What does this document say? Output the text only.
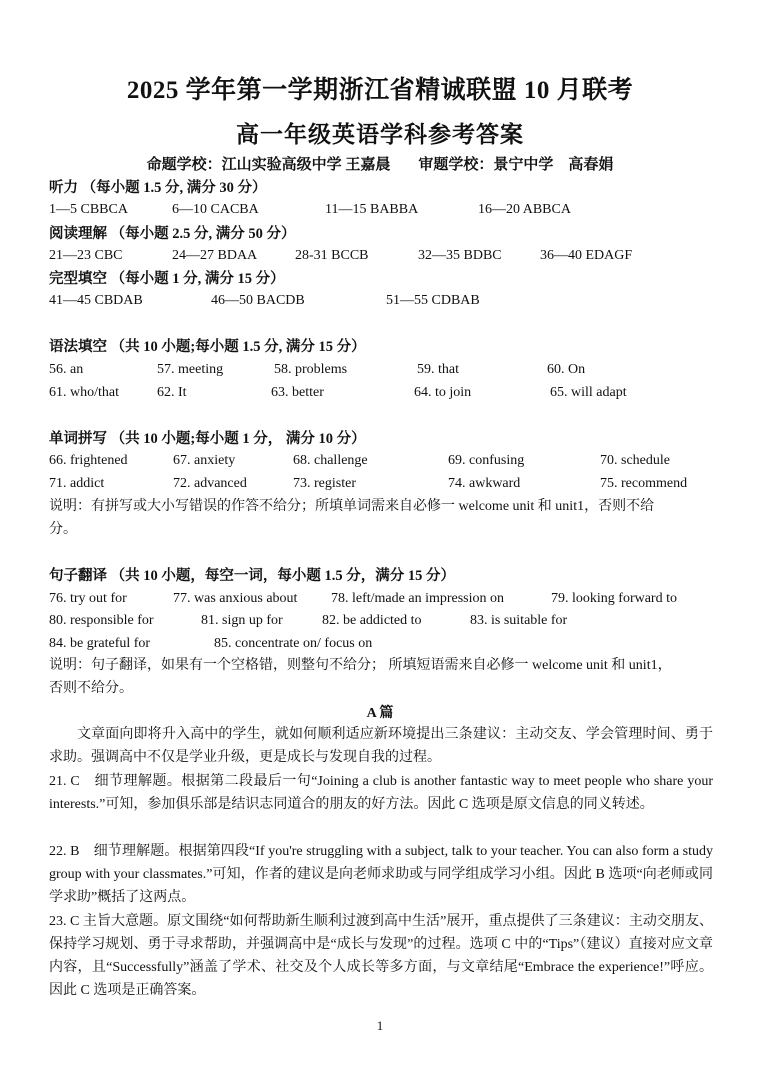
2025 学年第一学期浙江省精诚联盟 10 月联考
高一年级英语学科参考答案
命题学校：江山实验高级中学 王嘉晨 审题学校：景宁中学　高春娟
听力 （每小题 1.5 分, 满分 30 分）
1—5 CBBCA	6—10 CACBA	11—15 BABBA	16—20 ABBCA
阅读理解 （每小题 2.5 分, 满分 50 分）
21—23 CBC	24—27 BDAA	28-31 BCCB	32—35 BDBC	36—40 EDAGF
完型填空 （每小题 1 分, 满分 15 分）
41—45 CBDAB	46—50 BACDB	51—55 CDBAB
语法填空 （共 10 小题;每小题 1.5 分, 满分 15 分）
56. an	57. meeting	58. problems	59. that	60. On
61. who/that	62. It	63. better	64. to join	65. will adapt
单词拼写 （共 10 小题;每小题 1 分， 满分 10 分）
66. frightened	67. anxiety	68. challenge	69. confusing	70. schedule
71. addict	72. advanced	73. register	74. awkward	75. recommend
说明：有拼写或大小写错误的作答不给分；所填单词需来自必修一 welcome unit 和 unit1，否则不给
分。
句子翻译 （共 10 小题，每空一词，每小题 1.5 分，满分 15 分）
76. try out for	77. was anxious about 78. left/made an impression on	79. looking forward to
80. responsible for	81. sign up for	82. be addicted to	83. is suitable for
84. be grateful for	85. concentrate on/ focus on
说明：句子翻译，如果有一个空格错，则整句不给分； 所填短语需来自必修一 welcome unit 和 unit1，
否则不给分。
A 篇
文章面向即将升入高中的学生，就如何顺利适应新环境提出三条建议：主动交友、学会管理时间、勇于求助。强调高中不仅是学业升级，更是成长与发现自我的过程。
21. C　细节理解题。根据第二段最后一句“Joining a club is another fantastic way to meet people who share your interests.”可知，参加俱乐部是结识志同道合的朋友的好方法。因此 C 选项是原文信息的同义转述。
22. B　细节理解题。根据第四段“If you're struggling with a subject, talk to your teacher. You can also form a study group with your classmates.”可知，作者的建议是向老师求助或与同学组成学习小组。因此 B 选项“向老师或同学求助”概括了这两点。
23. C 主旨大意题。原文围绕“如何帮助新生顺利过渡到高中生活”展开，重点提供了三条建议：主动交朋友、保持学习规划、勇于寻求帮助，并强调高中是“成长与发现”的过程。选项 C 中的“Tips”（建议）直接对应文章内容，且“Successfully”涵盖了学术、社交及个人成长等多方面，与文章结尾“Embrace the experience!”呼应。因此 C 选项是正确答案。
1
